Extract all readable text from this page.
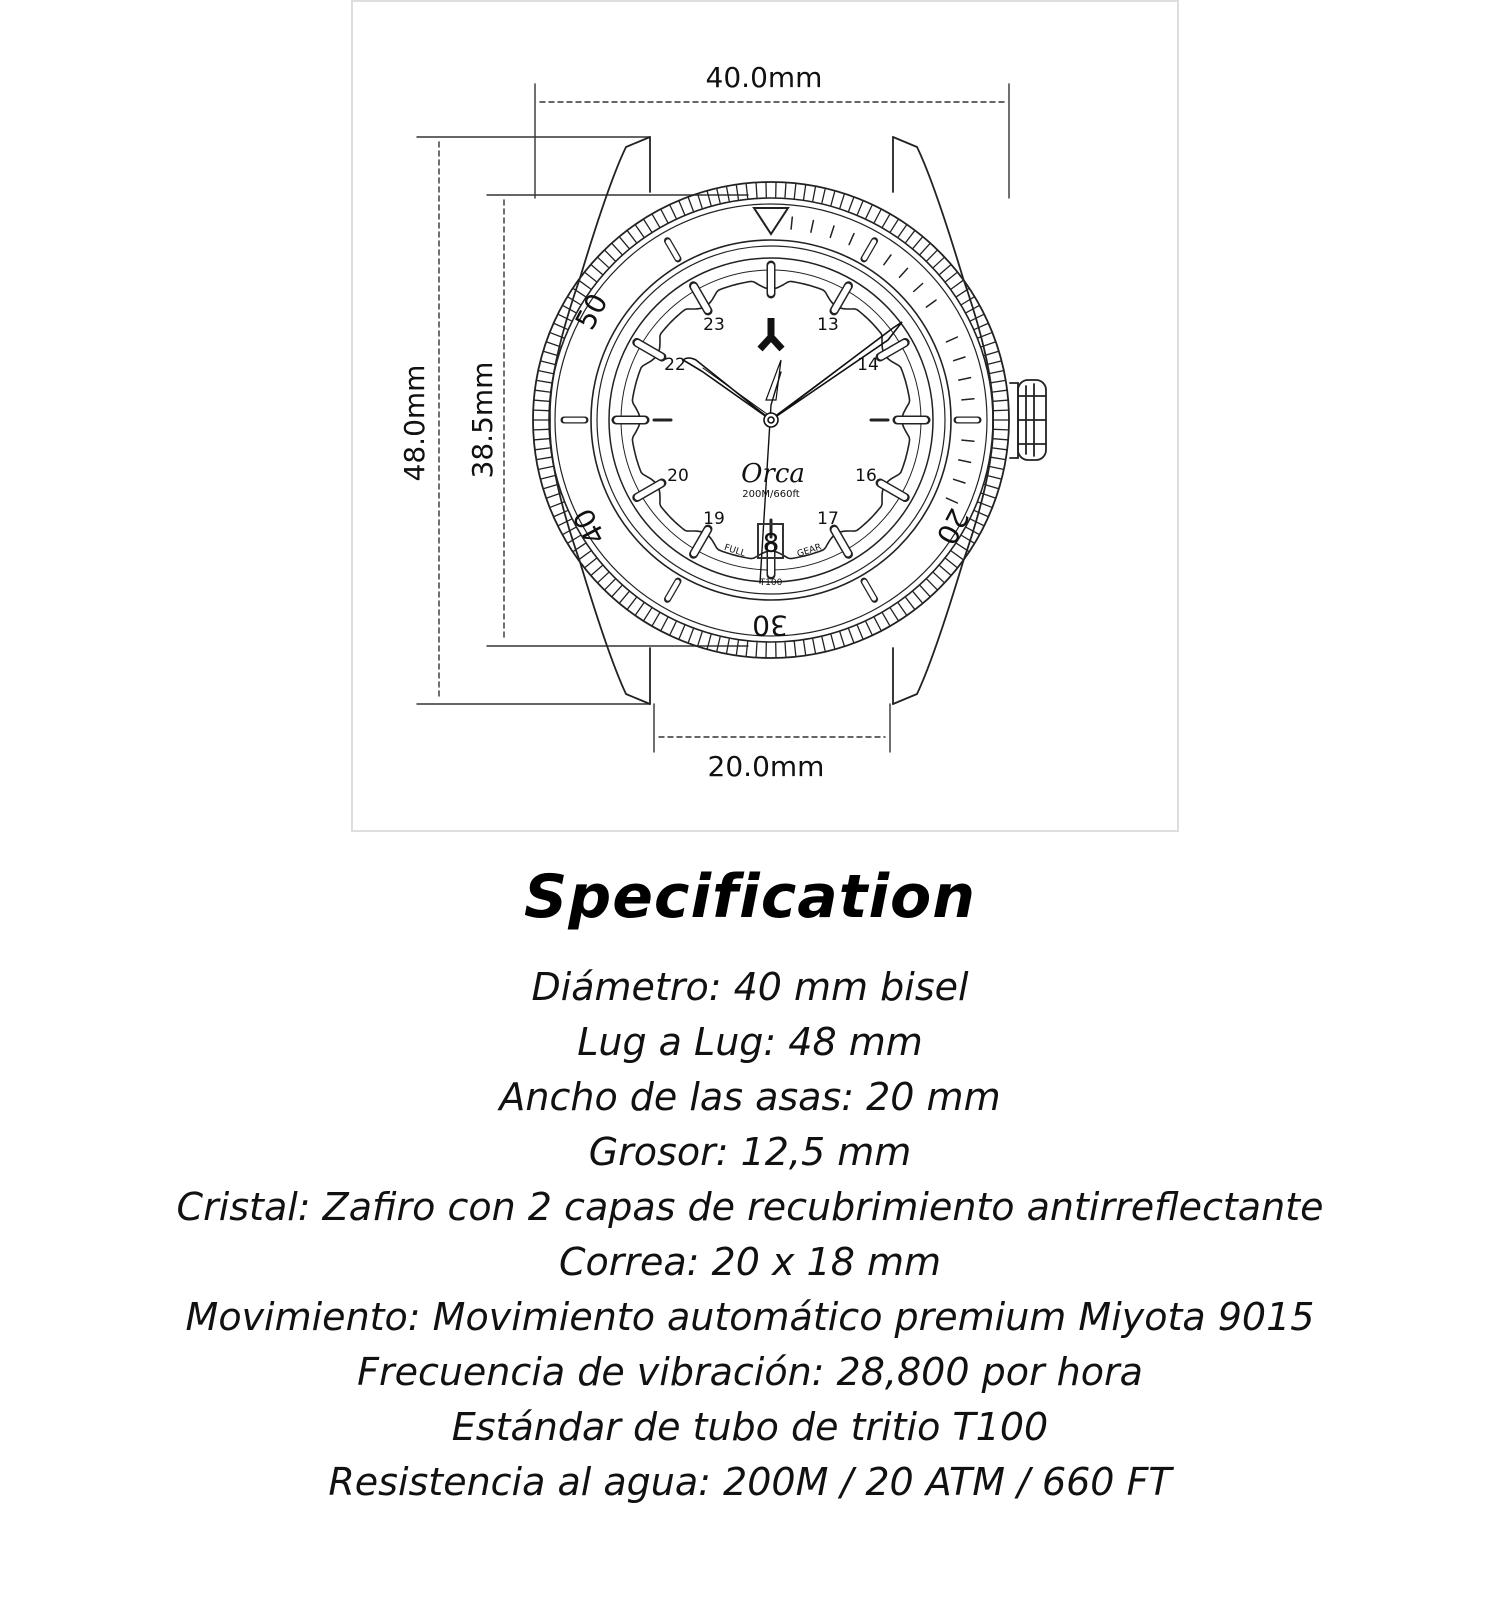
40.0mm
20.0mm
48.0mm 38.5mm
23	13
22	14
20	16
19	17
Orca
200M/660ft
8
FULL	GEAR
T100
50
40
30
20
Specification
Diámetro: 40 mm bisel
Lug a Lug: 48 mm
Ancho de las asas: 20 mm
Grosor: 12,5 mm
Cristal: Zafiro con 2 capas de recubrimiento antirreflectante
Correa: 20 x 18 mm
Movimiento: Movimiento automático premium Miyota 9015
Frecuencia de vibración: 28,800 por hora
Estándar de tubo de tritio T100
Resistencia al agua: 200M / 20 ATM / 660 FT
